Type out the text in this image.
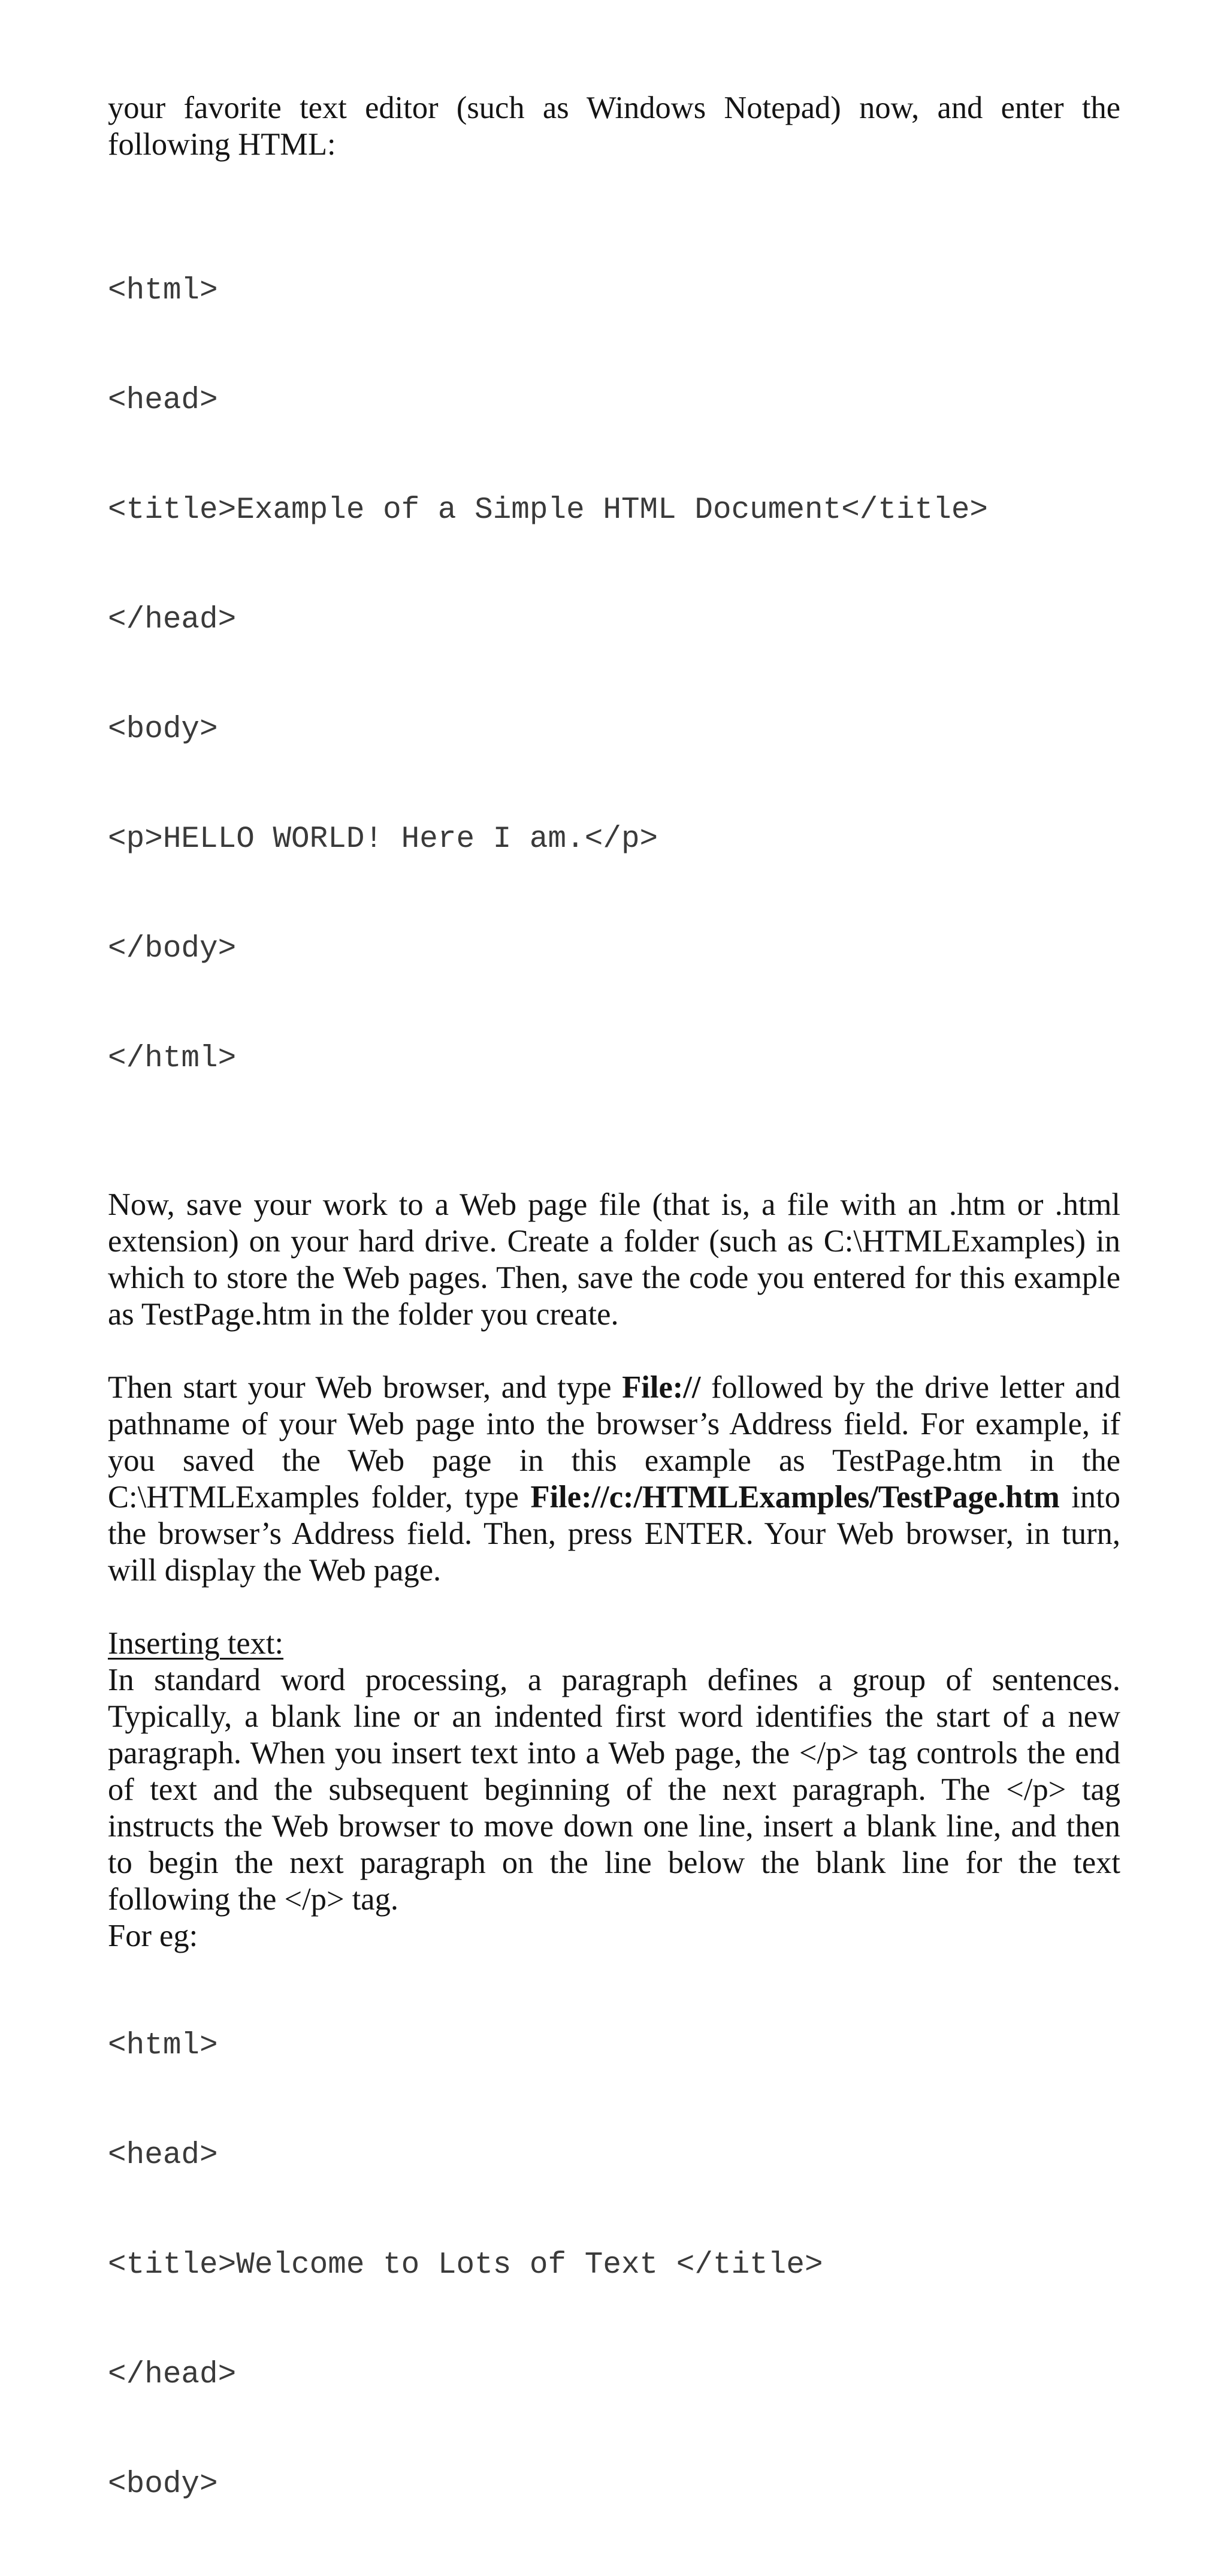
your favorite text editor (such as Windows Notepad) now, and enter the following HTML:

<html>

<head>

<title>Example of a Simple HTML Document</title>

</head>

<body>

<p>HELLO WORLD! Here I am.</p>

</body>

</html>

Now, save your work to a Web page file (that is, a file with an .htm or .html extension) on your hard drive. Create a folder (such as C:\HTMLExamples) in which to store the Web pages. Then, save the code you entered for this example as TestPage.htm in the folder you create.

Then start your Web browser, and type File:// followed by the drive letter and pathname of your Web page into the browser’s Address field. For example, if you saved the Web page in this example as TestPage.htm in the C:\HTMLExamples folder, type File://c:/HTMLExamples/TestPage.htm into the browser’s Address field. Then, press ENTER. Your Web browser, in turn, will display the Web page.

Inserting text:

In standard word processing, a paragraph defines a group of sentences. Typically, a blank line or an indented first word identifies the start of a new paragraph. When you insert text into a Web page, the </p> tag controls the end of text and the subsequent beginning of the next paragraph. The </p> tag instructs the Web browser to move down one line, insert a blank line, and then to begin the next paragraph on the line below the blank line for the text following the </p> tag.

For eg:

<html>

<head>

<title>Welcome to Lots of Text </title>

</head>

<body>
